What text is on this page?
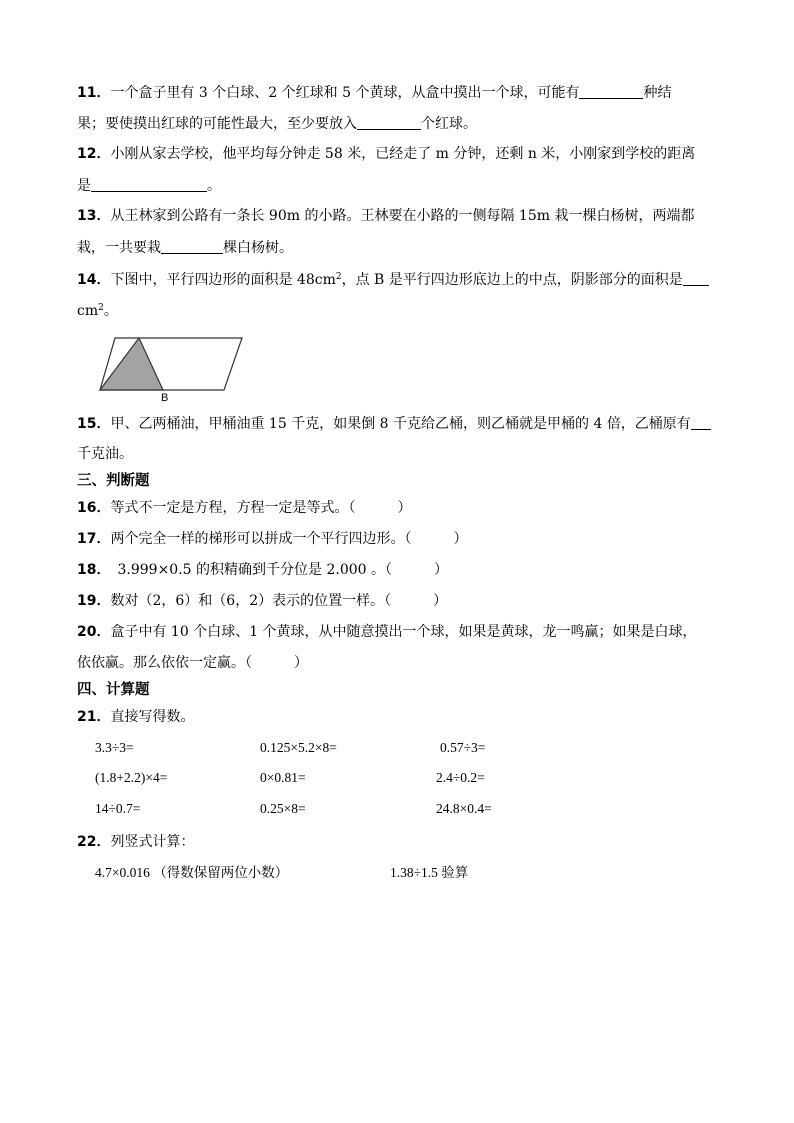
11．一个盒子里有 3 个白球、2 个红球和 5 个黄球，从盒中摸出一个球，可能有	种结
果；要使摸出红球的可能性最大，至少要放入	个红球。
12．小刚从家去学校，他平均每分钟走 58 米，已经走了 m 分钟，还剩 n 米，小刚家到学校的距离
是	。
13．从王林家到公路有一条长 90m 的小路。王林要在小路的一侧每隔 15m 栽一棵白杨树，两端都
栽，一共要栽	棵白杨树。
14．下图中，平行四边形的面积是 $48cm^2$，点 B 是平行四边形底边上的中点，阴影部分的面积是
$cm^2$。
B
15．甲、乙两桶油，甲桶油重 15 千克，如果倒 8 千克给乙桶，则乙桶就是甲桶的 4 倍，乙桶原有
千克油。
三、判断题
16．等式不一定是方程，方程一定是等式。（　　　）
17．两个完全一样的梯形可以拼成一个平行四边形。（　　　）
18．　3.999×0.5 的积精确到千分位是 2.000 。（　　　）
19．数对（2，6）和（6，2）表示的位置一样。（　　　）
20．盒子中有 10 个白球、1 个黄球，从中随意摸出一个球，如果是黄球，龙一鸣赢；如果是白球，
依依赢。那么依依一定赢。（　　　）
四、计算题
21．直接写得数。
3.3÷3=	0.125×5.2×8=	0.57÷3=
(1.8+2.2)×4=	0×0.81=	2.4÷0.2=
14÷0.7=	0.25×8=	24.8×0.4=
22．列竖式计算：
4.7×0.016 （得数保留两位小数）	1.38÷1.5 验算
